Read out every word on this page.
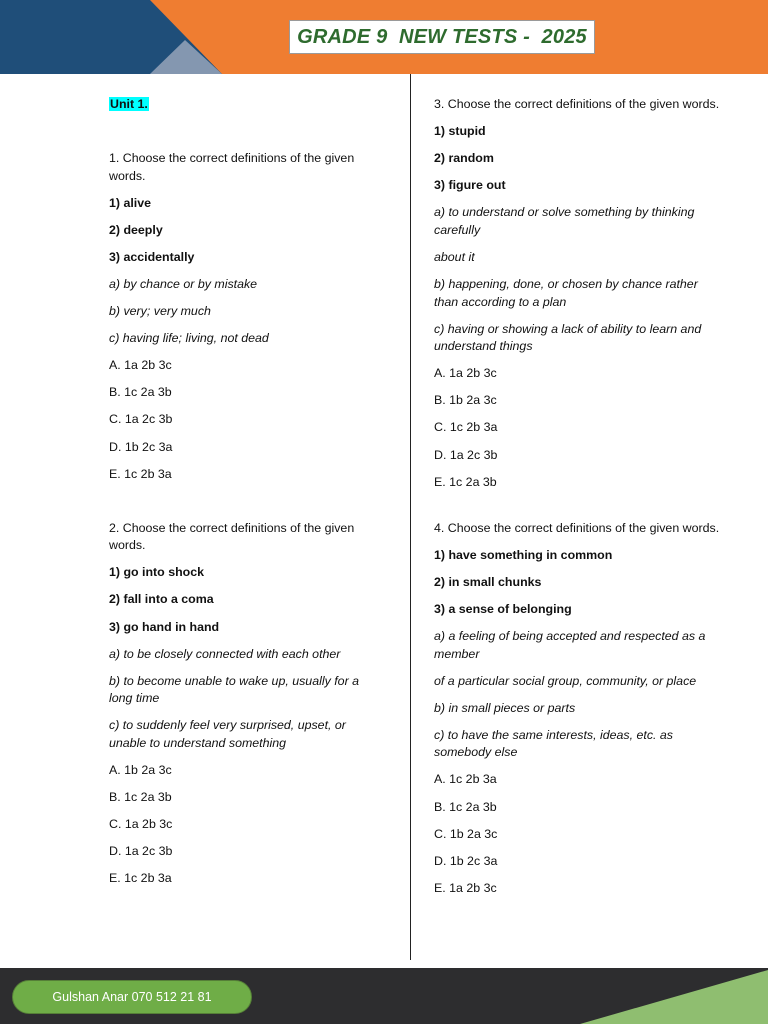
GRADE 9  NEW TESTS -  2025
Unit 1.
1. Choose the correct definitions of the given words.
1) alive
2) deeply
3) accidentally
a) by chance or by mistake
b) very; very much
c) having life; living, not dead
A. 1a 2b 3c
B. 1c 2a 3b
C. 1a 2c 3b
D. 1b 2c 3a
E. 1c 2b 3a
2. Choose the correct definitions of the given words.
1) go into shock
2) fall into a coma
3) go hand in hand
a) to be closely connected with each other
b) to become unable to wake up, usually for a long time
c) to suddenly feel very surprised, upset, or unable to understand something
A. 1b 2a 3c
B. 1c 2a 3b
C. 1a 2b 3c
D. 1a 2c 3b
E. 1c 2b 3a
3. Choose the correct definitions of the given words.
1) stupid
2) random
3) figure out
a) to understand or solve something by thinking carefully
about it
b) happening, done, or chosen by chance rather than according to a plan
c) having or showing a lack of ability to learn and understand things
A. 1a 2b 3c
B. 1b 2a 3c
C. 1c 2b 3a
D. 1a 2c 3b
E. 1c 2a 3b
4. Choose the correct definitions of the given words.
1) have something in common
2) in small chunks
3) a sense of belonging
a) a feeling of being accepted and respected as a member
of a particular social group, community, or place
b) in small pieces or parts
c) to have the same interests, ideas, etc. as somebody else
A. 1c 2b 3a
B. 1c 2a 3b
C. 1b 2a 3c
D. 1b 2c 3a
E. 1a 2b 3c
Gulshan Anar 070 512 21 81
